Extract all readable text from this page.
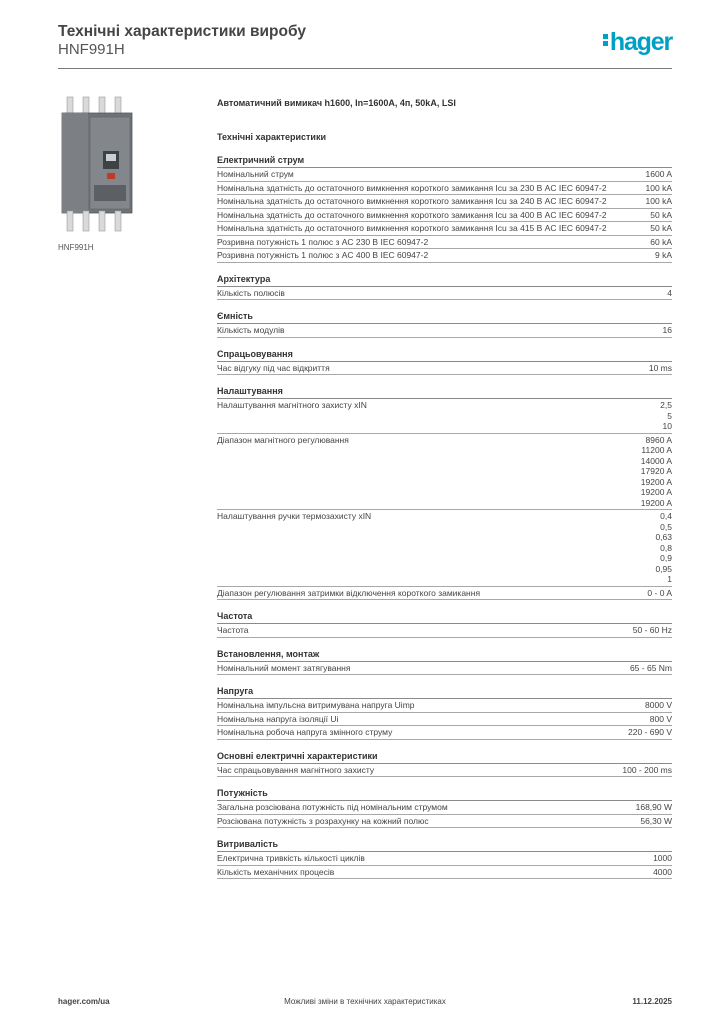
Технічні характеристики виробу

HNF991H	hager
HNF991H
Автоматичний вимикач h1600, In=1600A, 4п, 50kA, LSI
Технічні характеристики
Електричний струм
Номінальний струм	1600 A
Номінальна здатність до остаточного вимкнення короткого замикання Icu за 230 В AC IEC 60947-2	100 kA
Номінальна здатність до остаточного вимкнення короткого замикання Icu за 240 В AC IEC 60947-2	100 kA
Номінальна здатність до остаточного вимкнення короткого замикання Icu за 400 В AC IEC 60947-2	50 kA
Номінальна здатність до остаточного вимкнення короткого замикання Icu за 415 В AC IEC 60947-2	50 kA
Розривна потужність 1 полюс з AC 230 В IEC 60947-2	60 kA
Розривна потужність 1 полюс з AC 400 В IEC 60947-2	9 kA
Архітектура
Кількість полюсів	4
Ємність
Кількість модулів	16
Спрацьовування
Час відгуку під час відкриття	10 ms
Налаштування
Налаштування магнітного захисту xIN	2,5
5
10
Діапазон магнітного регулювання	8960 A
11200 A
14000 A
17920 A
19200 A
19200 A
19200 A
Налаштування ручки термозахисту xIN	0,4
0,5
0,63
0,8
0,9
0,95
1
Діапазон регулювання затримки відключення короткого замикання	0 - 0 A
Частота
Частота	50 - 60 Hz
Встановлення, монтаж
Номінальний момент затягування	65 - 65 Nm
Напруга
Номінальна імпульсна витримувана напруга Uimp	8000 V
Номінальна напруга ізоляції Ui	800 V
Номінальна робоча напруга змінного струму	220 - 690 V
Основні електричні характеристики
Час спрацьовування магнітного захисту	100 - 200 ms
Потужність
Загальна розсіювана потужність під номінальним струмом	168,90 W
Розсіювана потужність з розрахунку на кожний полюс	56,30 W
Витривалість
Електрична тривкість кількості циклів	1000
Кількість механічних процесів	4000
hager.com/ua	Можливі зміни в технічних характеристиках	11.12.2025
